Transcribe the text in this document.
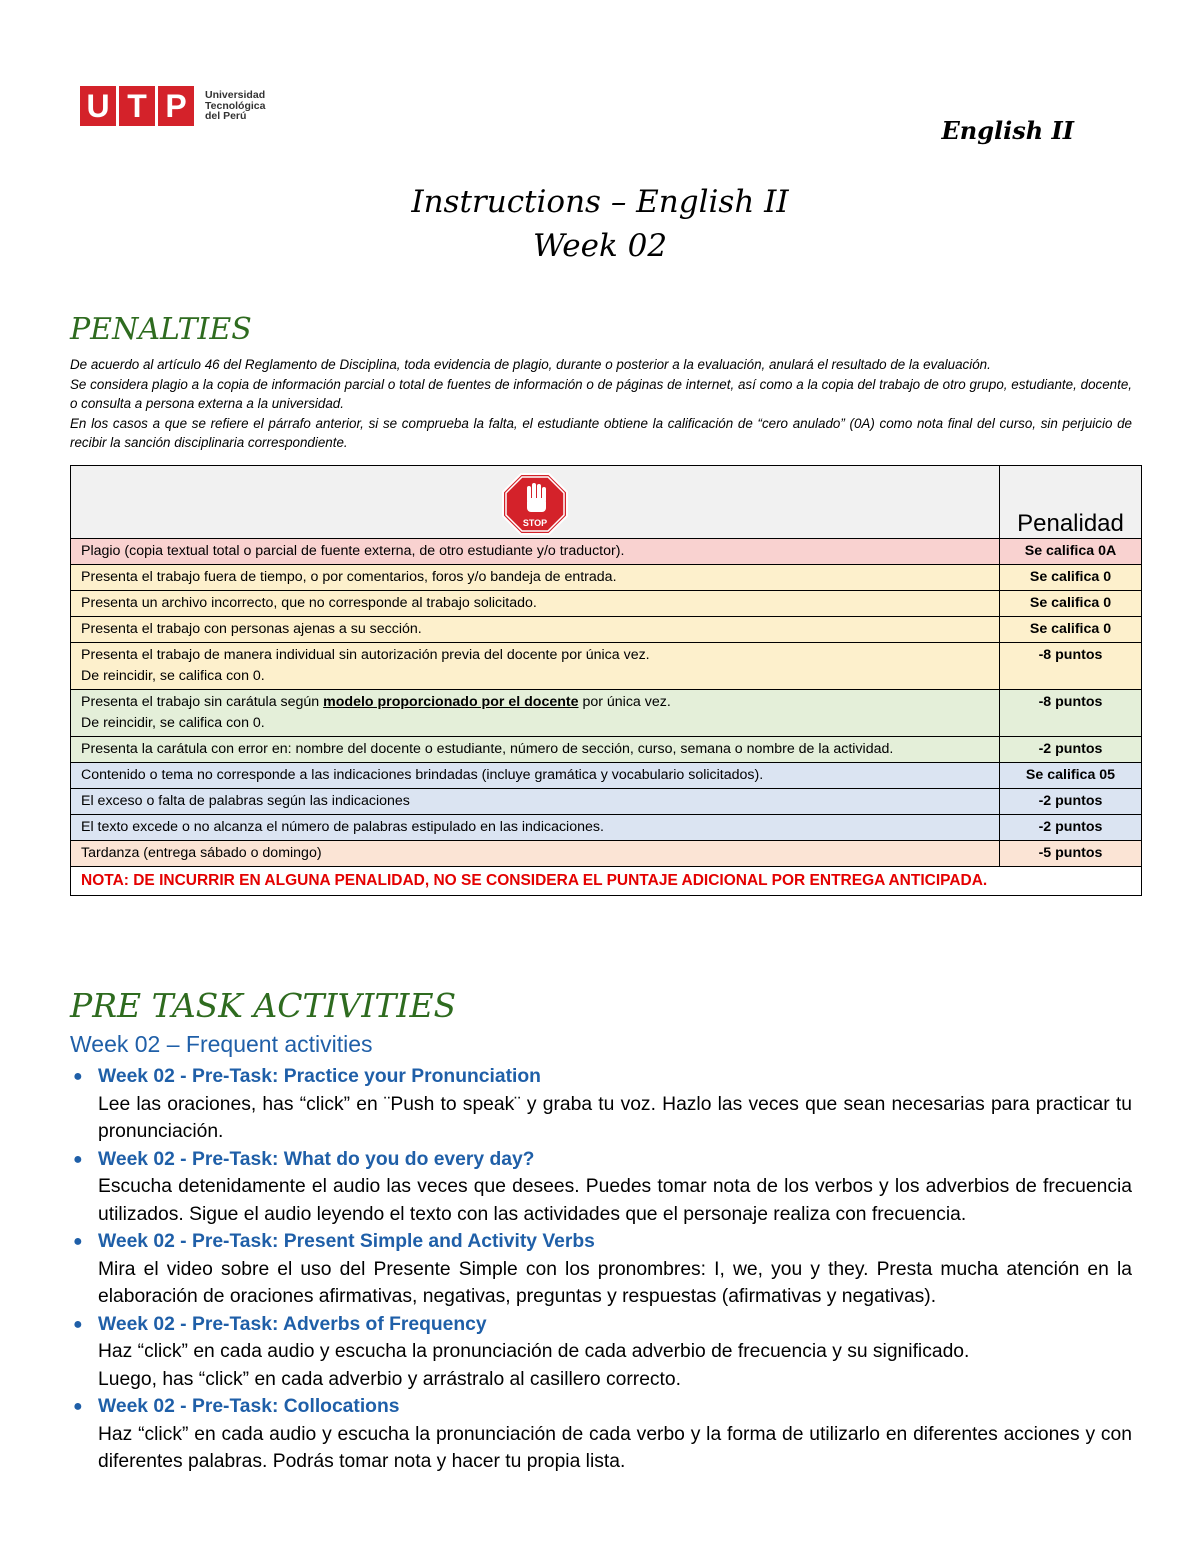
U T P	Universidad
Tecnológica
del Perú	English II
Instructions – English II
Week 02
PENALTIES

De acuerdo al artículo 46 del Reglamento de Disciplina, toda evidencia de plagio, durante o posterior a la evaluación, anulará el resultado de la evaluación.

Se considera plagio a la copia de información parcial o total de fuentes de información o de páginas de internet, así como a la copia del trabajo de otro grupo, estudiante, docente, o consulta a persona externa a la universidad.

En los casos a que se refiere el párrafo anterior, si se comprueba la falta, el estudiante obtiene la calificación de “cero anulado” (0A) como nota final del curso, sin perjuicio de recibir la sanción disciplinaria correspondiente.

STOP	Penalidad
Plagio (copia textual total o parcial de fuente externa, de otro estudiante y/o traductor).	Se califica 0A
Presenta el trabajo fuera de tiempo, o por comentarios, foros y/o bandeja de entrada.	Se califica 0
Presenta un archivo incorrecto, que no corresponde al trabajo solicitado.	Se califica 0
Presenta el trabajo con personas ajenas a su sección.	Se califica 0

Presenta el trabajo de manera individual sin autorización previa del docente por única vez.
De reincidir, se califica con 0.	-8 puntos

Presenta el trabajo sin carátula según modelo proporcionado por el docente por única vez.
De reincidir, se califica con 0.	-8 puntos
Presenta la carátula con error en: nombre del docente o estudiante, número de sección, curso, semana o nombre de la actividad.	-2 puntos
Contenido o tema no corresponde a las indicaciones brindadas (incluye gramática y vocabulario solicitados).	Se califica 05
El exceso o falta de palabras según las indicaciones	-2 puntos
El texto excede o no alcanza el número de palabras estipulado en las indicaciones.	-2 puntos
Tardanza (entrega sábado o domingo)	-5 puntos
NOTA: DE INCURRIR EN ALGUNA PENALIDAD, NO SE CONSIDERA EL PUNTAJE ADICIONAL POR ENTREGA ANTICIPADA.	
PRE TASK ACTIVITIES
Week 02 – Frequent activities
● Week 02 - Pre-Task: Practice your Pronunciation
Lee las oraciones, has “click” en ¨Push to speak¨ y graba tu voz. Hazlo las veces que sean necesarias para practicar tu pronunciación.
● Week 02 - Pre-Task: What do you do every day?
Escucha detenidamente el audio las veces que desees. Puedes tomar nota de los verbos y los adverbios de frecuencia utilizados. Sigue el audio leyendo el texto con las actividades que el personaje realiza con frecuencia.
● Week 02 - Pre-Task: Present Simple and Activity Verbs
Mira el video sobre el uso del Presente Simple con los pronombres: I, we, you y they. Presta mucha atención en la elaboración de oraciones afirmativas, negativas, preguntas y respuestas (afirmativas y negativas).
● Week 02 - Pre-Task: Adverbs of Frequency
Haz “click” en cada audio y escucha la pronunciación de cada adverbio de frecuencia y su significado.
Luego, has “click” en cada adverbio y arrástralo al casillero correcto.
● Week 02 - Pre-Task: Collocations
Haz “click” en cada audio y escucha la pronunciación de cada verbo y la forma de utilizarlo en diferentes acciones y con diferentes palabras. Podrás tomar nota y hacer tu propia lista.
